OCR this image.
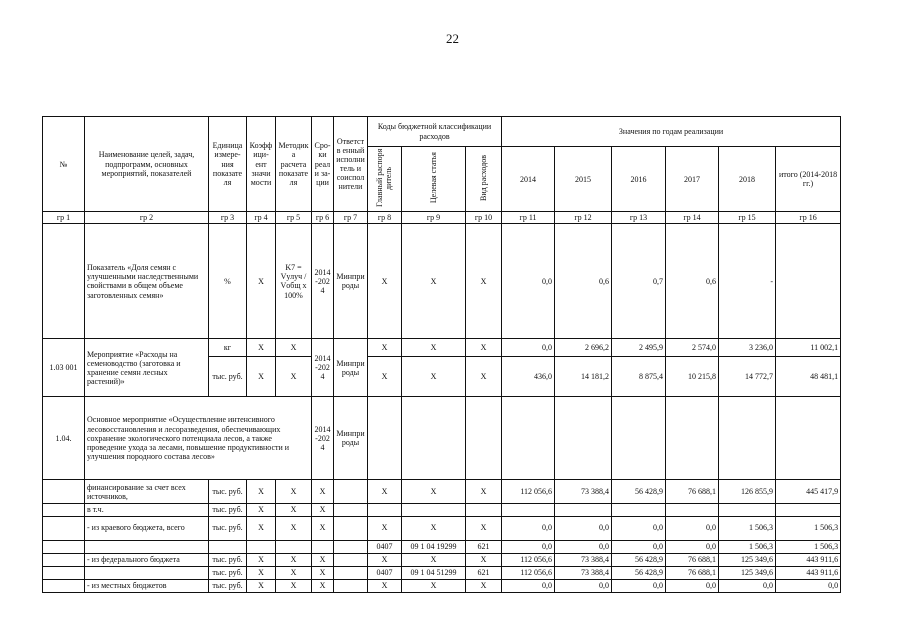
22
№	Наименование целей, задач, подпрограмм, основных мероприятий, показателей	Единица измере-ния показате ля	Коэфф ици-ент значи мости	Методик а расчета показате ля	Сро-ки реали за-ции	Ответств енный исполни тель и соиспол нители	Коды бюджетной классификации расходов			Значения по годам реализации					
							Главный распоря дитель	Целевая статья	Вид расходов	2014	2015	2016	2017	2018	итого (2014-2018 гг.)
гр 1	гр 2	гр 3	гр 4	гр 5	гр 6	гр 7	гр 8	гр 9	гр 10	гр 11	гр 12	гр 13	гр 14	гр 15	гр 16
	Показатель «Доля семян с улучшенными наследственными свойствами в общем объеме заготовленных семян»	%	X	K7 =
Vулуч /
Vобщ x
100%	2014-2024	Минпри роды	X	X	X	0,0	0,6	0,7	0,6	-	
1.03 001	Мероприятие «Расходы на семеноводство (заготовка и хранение семян лесных растений)»	кг	X	X	2014-2024	Минпри роды	X	X	X	0,0	2 696,2	2 495,9	2 574,0	3 236,0	11 002,1
		тыс. руб.	X	X			X	X	X	436,0	14 181,2	8 875,4	10 215,8	14 772,7	48 481,1
1.04.	Основное мероприятие «Осуществление интенсивного лесовосстановления и лесоразведения, обеспечивающих сохранение экологического потенциала лесов, а также проведение ухода за лесами, повышение продуктивности и улучшения породного состава лесов»				2014-2024	Минпри роды									
	финансирование за счет всех источников,	тыс. руб.	X	X	X		X	X	X	112 056,6	73 388,4	56 428,9	76 688,1	126 855,9	445 417,9
	в т.ч.	тыс. руб.	X	X	X										
	- из краевого бюджета, всего	тыс. руб.	X	X	X		X	X	X	0,0	0,0	0,0	0,0	1 506,3	1 506,3
							0407	09 1 04 19299	621	0,0	0,0	0,0	0,0	1 506,3	1 506,3
	- из федерального бюджета	тыс. руб.	X	X	X		X	X	X	112 056,6	73 388,4	56 428,9	76 688,1	125 349,6	443 911,6
		тыс. руб.	X	X	X		0407	09 1 04 51299	621	112 056,6	73 388,4	56 428,9	76 688,1	125 349,6	443 911,6
	- из местных бюджетов	тыс. руб.	X	X	X		X	X	X	0,0	0,0	0,0	0,0	0,0	0,0
